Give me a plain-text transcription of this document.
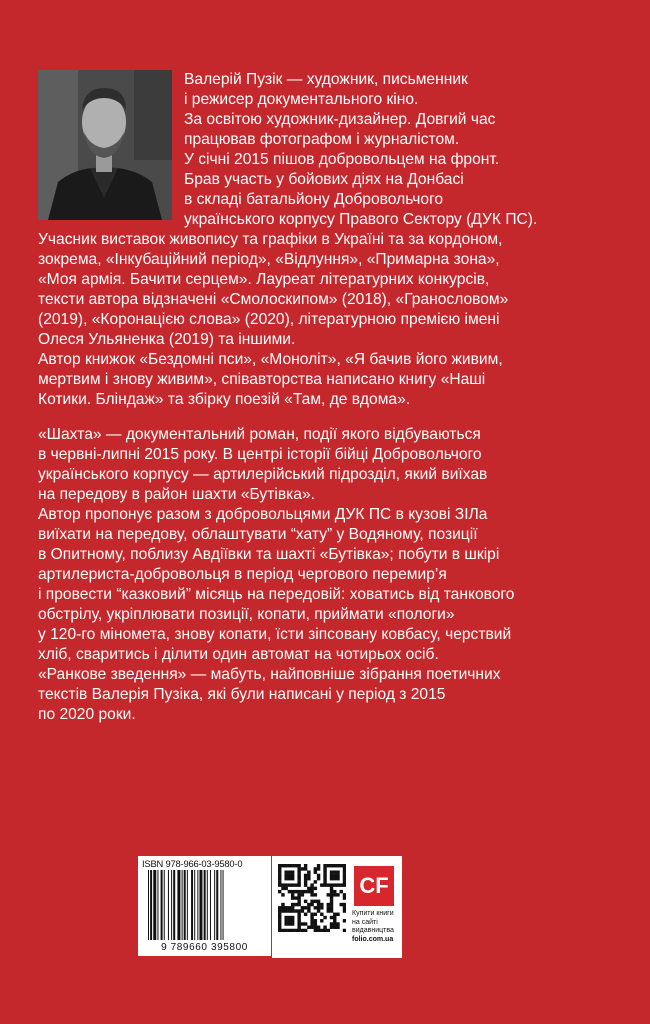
Валерій Пузік — художник, письменник
і режисер документального кіно.
За освітою художник-дизайнер. Довгий час
працював фотографом і журналістом.
У січні 2015 пішов добровольцем на фронт.
Брав участь у бойових діях на Донбасі
в складі батальйону Добровольчого
українського корпусу Правого Сектору (ДУК ПС).
Учасник виставок живопису та графіки в Україні та за кордоном,
зокрема, «Інкубаційний період», «Відлуння», «Примарна зона»,
«Моя армія. Бачити серцем». Лауреат літературних конкурсів,
тексти автора відзначені «Смолоскипом» (2018), «Гранословом»
(2019), «Коронацією слова» (2020), літературною премією імені
Олеся Ульяненка (2019) та іншими.
Автор книжок «Бездомні пси», «Моноліт», «Я бачив його живим,
мертвим і знову живим», співавторства написано книгу «Наші
Котики. Бліндаж» та збірку поезій «Там, де вдома».
«Шахта» — документальний роман, події якого відбуваються
в червні-липні 2015 року. В центрі історії бійці Добровольчого
українського корпусу — артилерійський підрозділ, який виїхав
на передову в район шахти «Бутівка».
Автор пропонує разом з добровольцями ДУК ПС в кузові ЗІЛа
виїхати на передову, облаштувати “хату” у Водяному, позиції
в Опитному, поблизу Авдіївки та шахті «Бутівка»; побути в шкірі
артилериста-добровольця в період чергового перемир’я
і провести “казковий” місяць на передовій: ховатись від танкового
обстрілу, укріплювати позиції, копати, приймати «пологи»
у 120-го міномета, знову копати, їсти зіпсовану ковбасу, черствий
хліб, сваритись і ділити один автомат на чотирьох осіб.
«Ранкове зведення» — мабуть, найповніше зібрання поетичних
текстів Валерія Пузіка, які були написані у період з 2015
по 2020 роки.
ISBN 978-966-03-9580-0
9 789660 395800
CF
Купити книги
на сайті
видавництва
folio.com.ua
